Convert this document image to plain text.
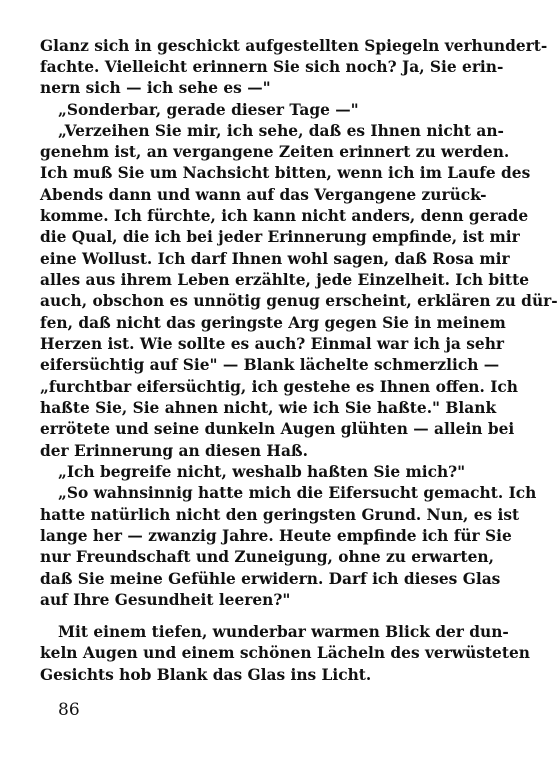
Glanz sich in geschickt aufgestellten Spiegeln verhundert-
fachte. Vielleicht erinnern Sie sich noch? Ja, Sie erin-
nern sich — ich sehe es —"
„Sonderbar, gerade dieser Tage —"
„Verzeihen Sie mir, ich sehe, daß es Ihnen nicht an-
genehm ist, an vergangene Zeiten erinnert zu werden.
Ich muß Sie um Nachsicht bitten, wenn ich im Laufe des
Abends dann und wann auf das Vergangene zurück-
komme. Ich fürchte, ich kann nicht anders, denn gerade
die Qual, die ich bei jeder Erinnerung empfinde, ist mir
eine Wollust. Ich darf Ihnen wohl sagen, daß Rosa mir
alles aus ihrem Leben erzählte, jede Einzelheit. Ich bitte
auch, obschon es unnötig genug erscheint, erklären zu dür-
fen, daß nicht das geringste Arg gegen Sie in meinem
Herzen ist. Wie sollte es auch? Einmal war ich ja sehr
eifersüchtig auf Sie" — Blank lächelte schmerzlich —
„furchtbar eifersüchtig, ich gestehe es Ihnen offen. Ich
haßte Sie, Sie ahnen nicht, wie ich Sie haßte." Blank
errötete und seine dunkeln Augen glühten — allein bei
der Erinnerung an diesen Haß.
„Ich begreife nicht, weshalb haßten Sie mich?"
„So wahnsinnig hatte mich die Eifersucht gemacht. Ich
hatte natürlich nicht den geringsten Grund. Nun, es ist
lange her — zwanzig Jahre. Heute empfinde ich für Sie
nur Freundschaft und Zuneigung, ohne zu erwarten,
daß Sie meine Gefühle erwidern. Darf ich dieses Glas
auf Ihre Gesundheit leeren?"
Mit einem tiefen, wunderbar warmen Blick der dun-
keln Augen und einem schönen Lächeln des verwüsteten
Gesichts hob Blank das Glas ins Licht.
86
